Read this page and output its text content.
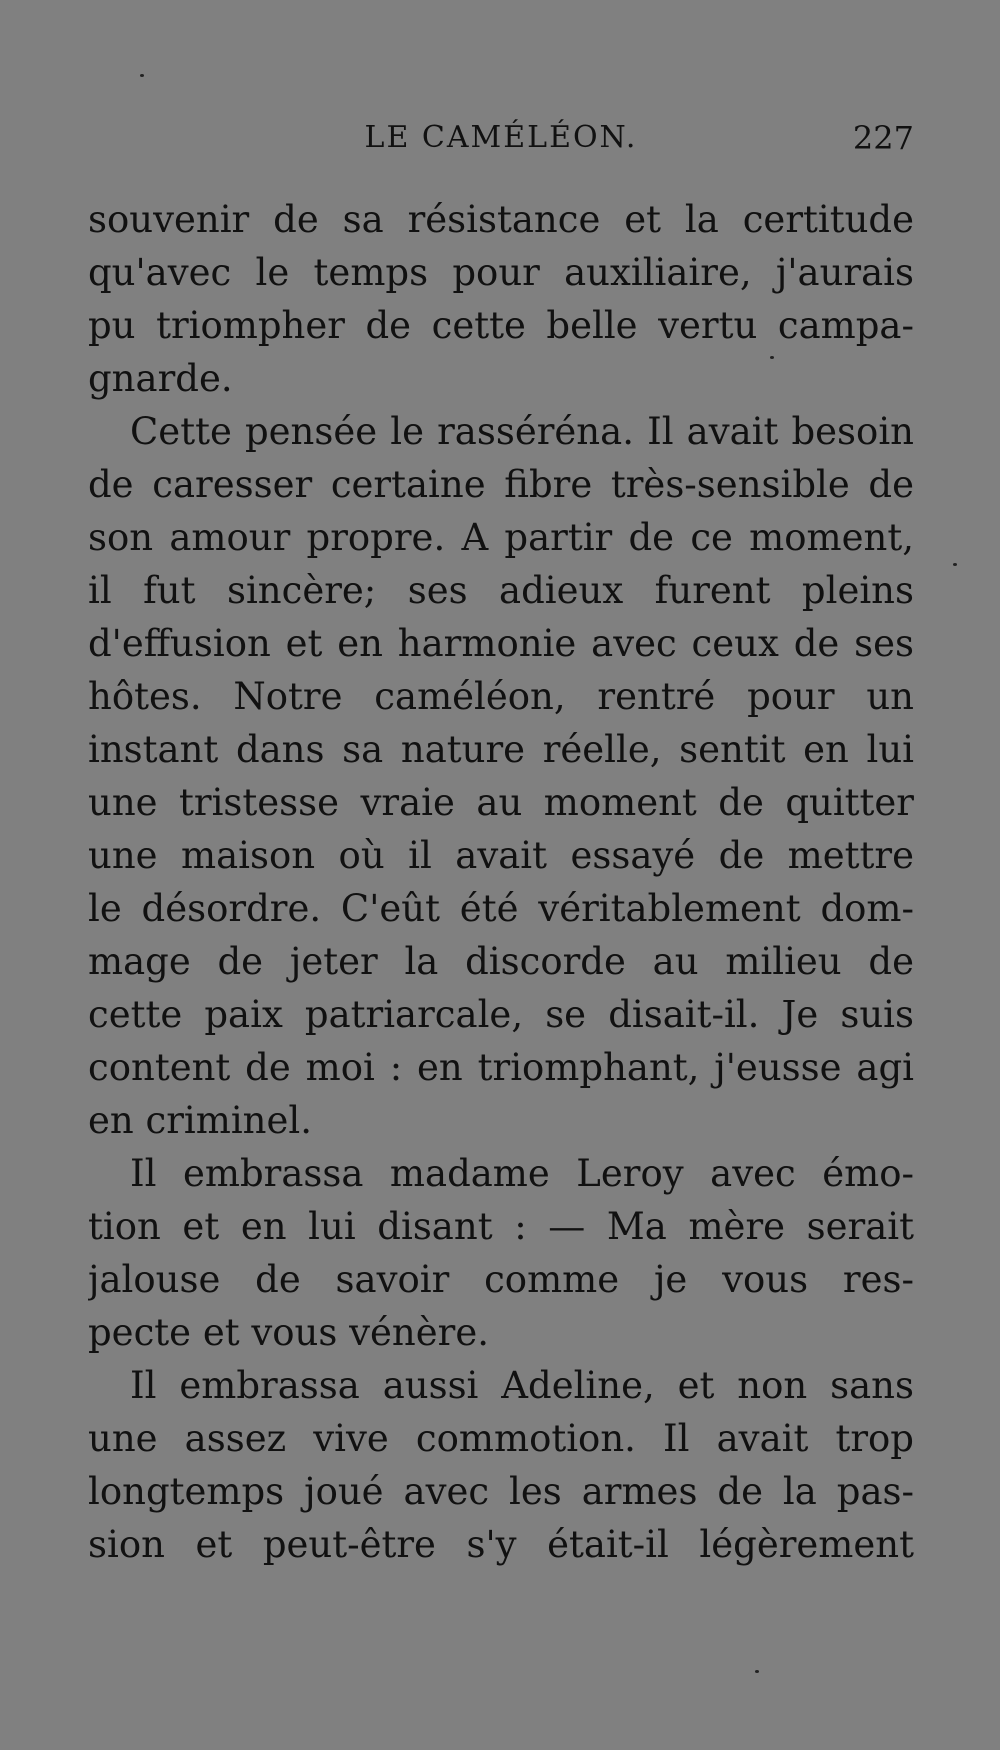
LE CAMÉLÉON.	227
souvenir de sa résistance et la certitude
qu'avec le temps pour auxiliaire, j'aurais
pu triompher de cette belle vertu campa-
gnarde.
Cette pensée le rasséréna. Il avait besoin
de caresser certaine fibre très-sensible de
son amour propre. A partir de ce moment,
il fut sincère; ses adieux furent pleins
d'effusion et en harmonie avec ceux de ses
hôtes. Notre caméléon, rentré pour un
instant dans sa nature réelle, sentit en lui
une tristesse vraie au moment de quitter
une maison où il avait essayé de mettre
le désordre. C'eût été véritablement dom-
mage de jeter la discorde au milieu de
cette paix patriarcale, se disait-il. Je suis
content de moi : en triomphant, j'eusse agi
en criminel.
Il embrassa madame Leroy avec émo-
tion et en lui disant : — Ma mère serait
jalouse de savoir comme je vous res-
pecte et vous vénère.
Il embrassa aussi Adeline, et non sans
une assez vive commotion. Il avait trop
longtemps joué avec les armes de la pas-
sion et peut-être s'y était-il légèrement
